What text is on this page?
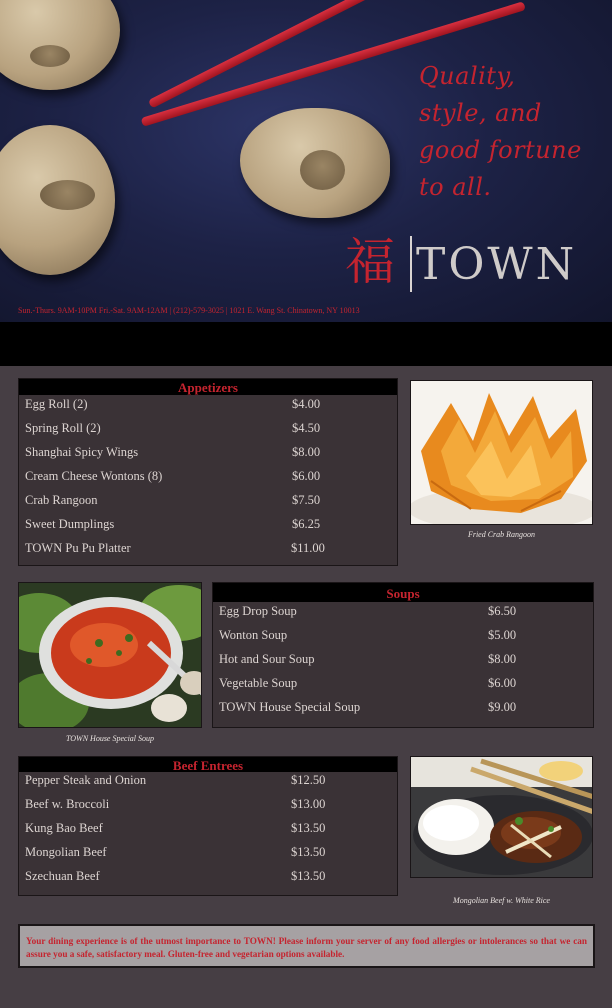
Quality,
style, and
good fortune
to all.
福 TOWN
Sun.-Thurs. 9AM-10PM Fri.-Sat. 9AM-12AM | (212)-579-3025 | 1021 E. Wang St. Chinatown, NY 10013
Appetizers
Egg Roll (2)	$4.00
Spring Roll (2)	$4.50
Shanghai Spicy Wings	$8.00
Cream Cheese Wontons (8)	$6.00
Crab Rangoon	$7.50
Sweet Dumplings	$6.25
TOWN Pu Pu Platter	$11.00
Fried Crab Rangoon
TOWN House Special Soup
Soups
Egg Drop Soup	$6.50
Wonton Soup	$5.00
Hot and Sour Soup	$8.00
Vegetable Soup	$6.00
TOWN House Special Soup	$9.00
Beef Entrees
Pepper Steak and Onion	$12.50
Beef w. Broccoli	$13.00
Kung Bao Beef	$13.50
Mongolian Beef	$13.50
Szechuan Beef	$13.50
Mongolian Beef w. White Rice
Your dining experience is of the utmost importance to TOWN! Please inform your server of any food allergies or intolerances so that we can assure you a safe, satisfactory meal. Gluten-free and vegetarian options available.
